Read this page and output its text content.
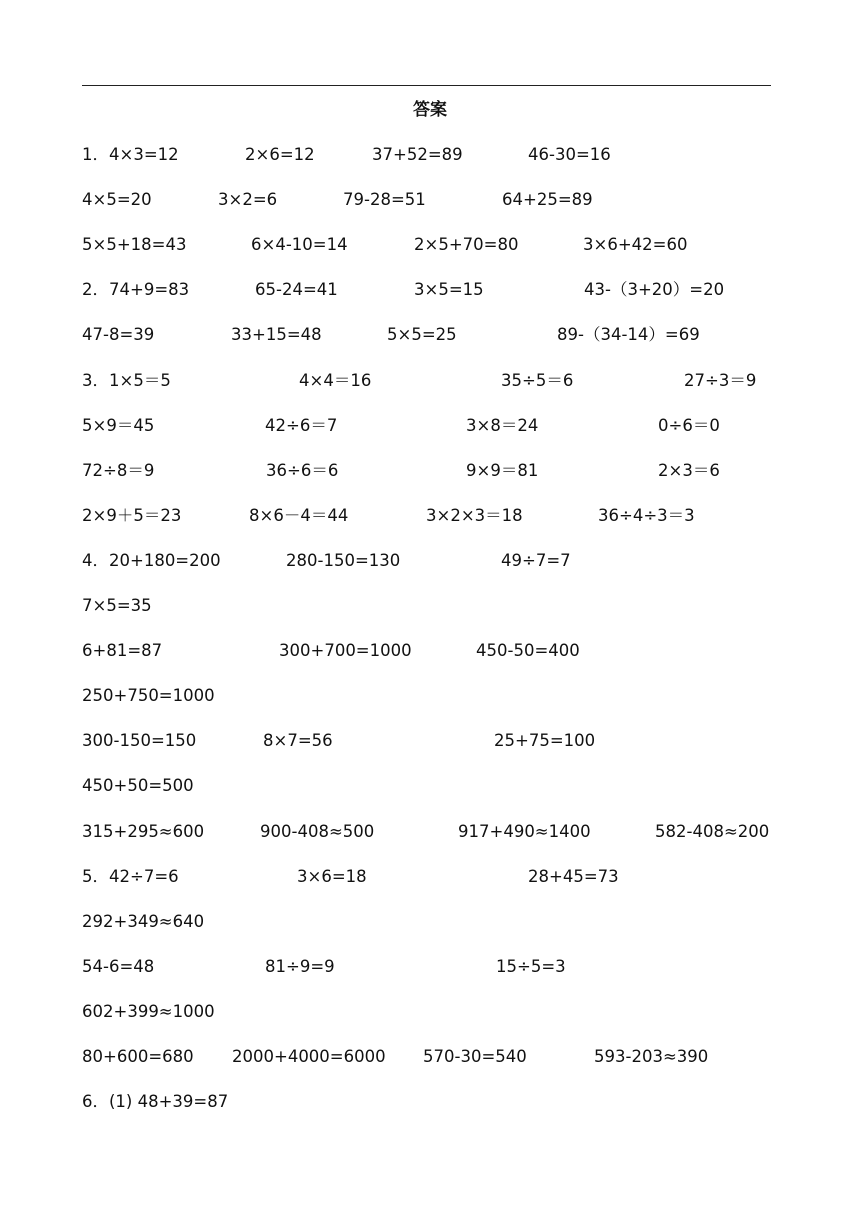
答案
1．4×3=12	2×6=12	37+52=89	46-30=16
4×5=20	3×2=6	79-28=51	64+25=89
5×5+18=43	6×4-10=14	2×5+70=80	3×6+42=60
2．74+9=83	65-24=41	3×5=15	43-（3+20）=20
47-8=39	33+15=48	5×5=25	89-（34-14）=69
3．1×5＝5	4×4＝16	35÷5＝6	27÷3＝9
5×9＝45	42÷6＝7	3×8＝24	0÷6＝0
72÷8＝9	36÷6＝6	9×9＝81	2×3＝6
2×9＋5＝23	8×6－4＝44	3×2×3＝18	36÷4÷3＝3
4．20+180=200	280-150=130	49÷7=7
7×5=35
6+81=87	300+700=1000	450-50=400
250+750=1000
300-150=150	8×7=56	25+75=100
450+50=500
315+295≈600	900-408≈500	917+490≈1400	582-408≈200
5．42÷7=6	3×6=18	28+45=73
292+349≈640
54-6=48	81÷9=9	15÷5=3
602+399≈1000
80+600=680 2000+4000=6000 570-30=540	593-203≈390
6．(1) 48+39=87
